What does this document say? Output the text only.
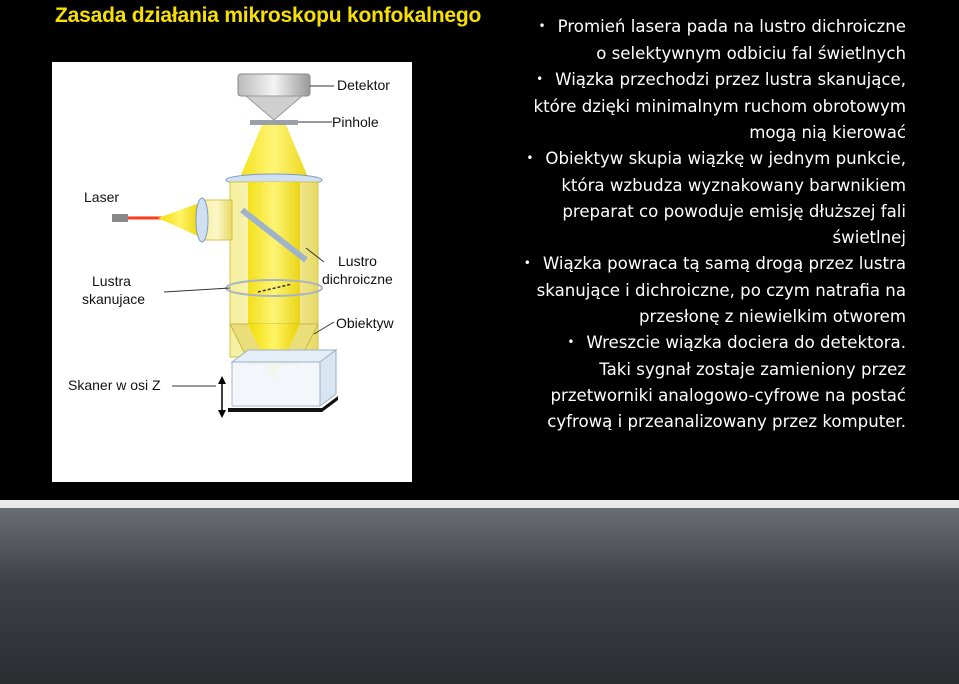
Zasada działania mikroskopu konfokalnego
Detektor
Pinhole
Laser
Lustra
skanujace
Lustro
dichroiczne
Obiektyw
Skaner w osi Z

• Promień lasera pada na lustro dichroiczne

o selektywnym odbiciu fal świetlnych

• Wiązka przechodzi przez lustra skanujące,

które dzięki minimalnym ruchom obrotowym

mogą nią kierować

• Obiektyw skupia wiązkę w jednym punkcie,

która wzbudza wyznakowany barwnikiem

preparat co powoduje emisję dłuższej fali

świetlnej

• Wiązka powraca tą samą drogą przez lustra

skanujące i dichroiczne, po czym natrafia na

przesłonę z niewielkim otworem

• Wreszcie wiązka dociera do detektora.

Taki sygnał zostaje zamieniony przez

przetworniki analogowo-cyfrowe na postać

cyfrową i przeanalizowany przez komputer.
